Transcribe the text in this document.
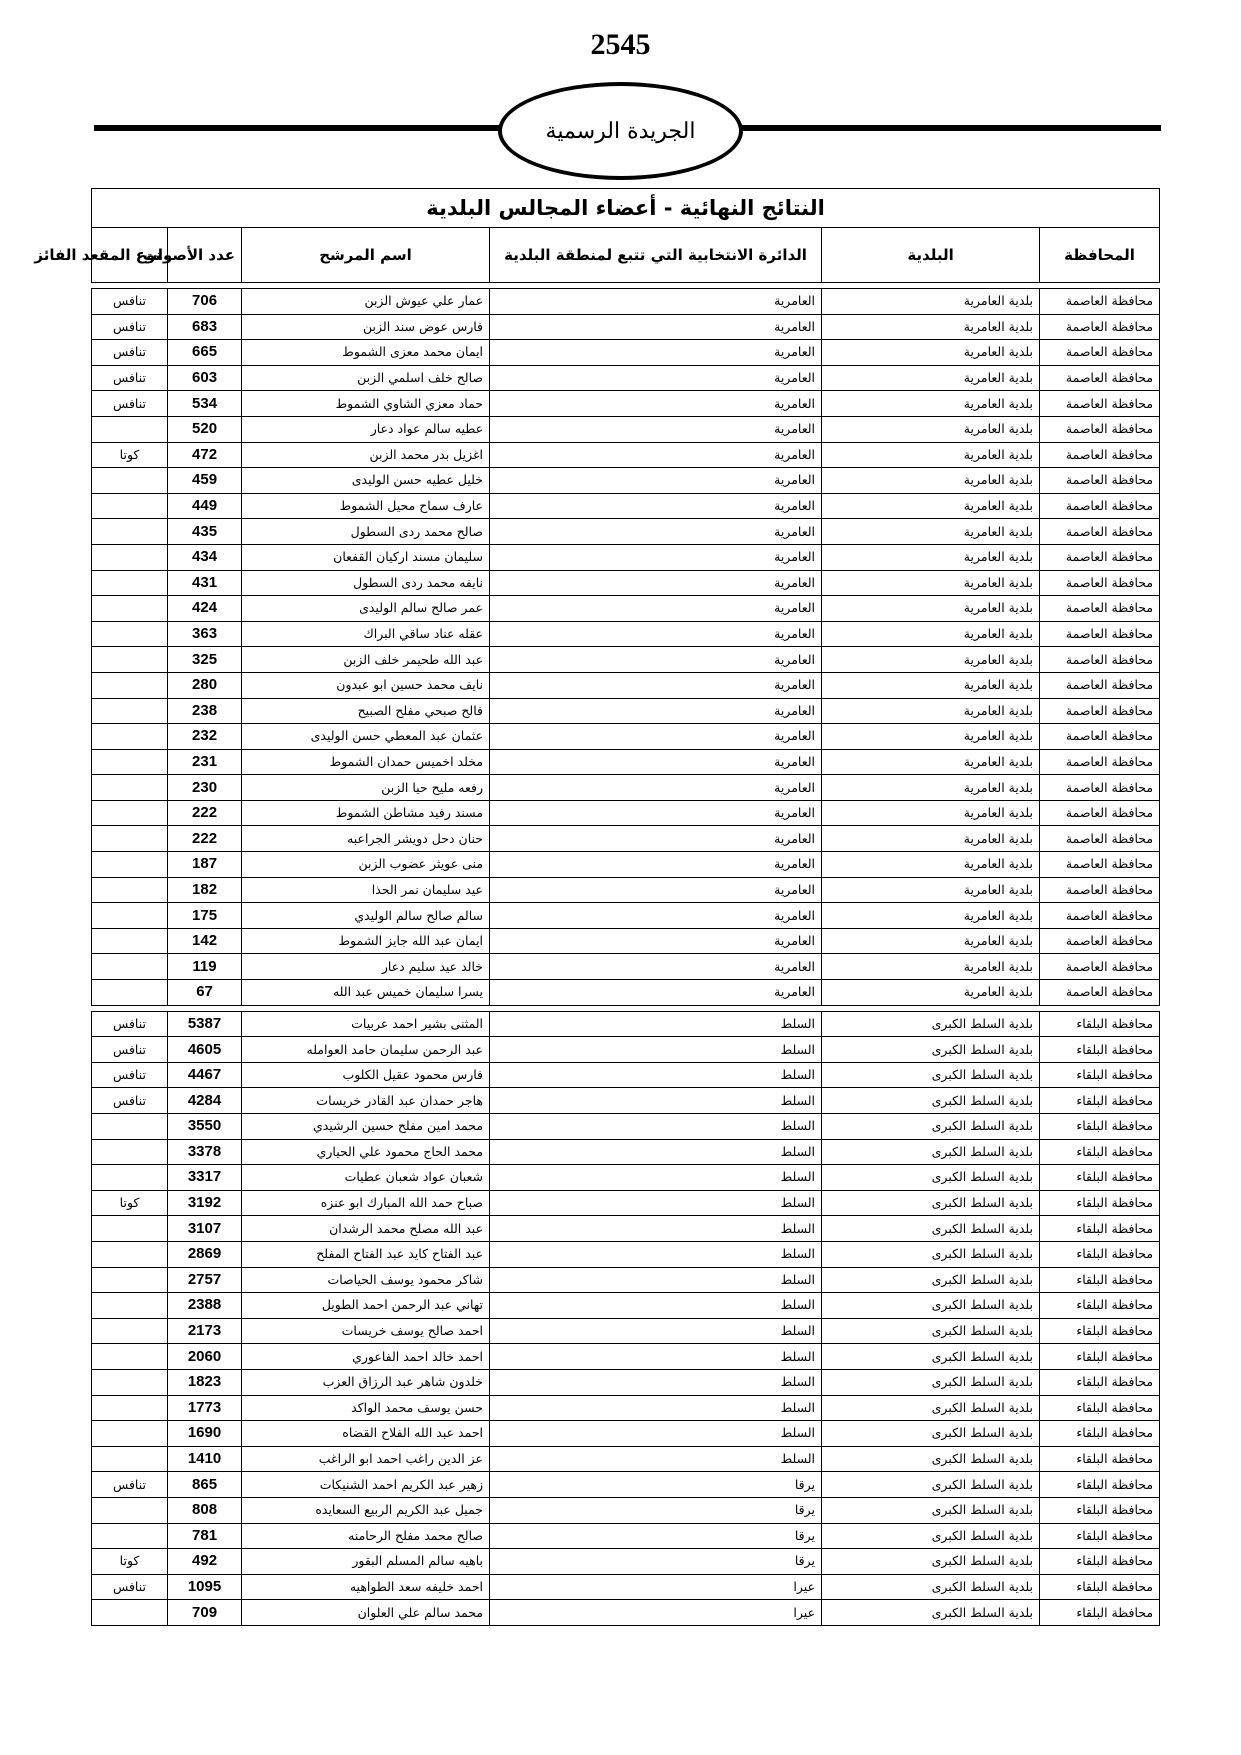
2545
الجريدة الرسمية
النتائج النهائية - أعضاء المجالس البلدية					
المحافظة	البلدية	الدائرة الانتخابية التي تتبع لمنطقة البلدية	اسم المرشح	عدد الأصوات	نوع المقعد الفائز

محافظة العاصمة	بلدية العامرية	العامرية	عمار علي عيوش الزبن	706	تنافس
محافظة العاصمة	بلدية العامرية	العامرية	فارس عوض سند الزبن	683	تنافس
محافظة العاصمة	بلدية العامرية	العامرية	ايمان محمد معزى الشموط	665	تنافس
محافظة العاصمة	بلدية العامرية	العامرية	صالح خلف اسلمي الزبن	603	تنافس
محافظة العاصمة	بلدية العامرية	العامرية	حماد معزي الشاوي الشموط	534	تنافس
محافظة العاصمة	بلدية العامرية	العامرية	عطيه سالم عواد دعار	520	
محافظة العاصمة	بلدية العامرية	العامرية	اغزيل بدر محمد الزبن	472	كوتا
محافظة العاصمة	بلدية العامرية	العامرية	خليل عطيه حسن الوليدى	459	
محافظة العاصمة	بلدية العامرية	العامرية	عارف سماح محيل الشموط	449	
محافظة العاصمة	بلدية العامرية	العامرية	صالح محمد ردى السطول	435	
محافظة العاصمة	بلدية العامرية	العامرية	سليمان مسند اركيان القفعان	434	
محافظة العاصمة	بلدية العامرية	العامرية	نايفه محمد ردى السطول	431	
محافظة العاصمة	بلدية العامرية	العامرية	عمر صالح سالم الوليدى	424	
محافظة العاصمة	بلدية العامرية	العامرية	عقله عناد ساقي البراك	363	
محافظة العاصمة	بلدية العامرية	العامرية	عبد الله طحيمر خلف الزبن	325	
محافظة العاصمة	بلدية العامرية	العامرية	نايف محمد حسين ابو عبدون	280	
محافظة العاصمة	بلدية العامرية	العامرية	فالح صبحي مفلح الصبيح	238	
محافظة العاصمة	بلدية العامرية	العامرية	عثمان عبد المعطي حسن الوليدى	232	
محافظة العاصمة	بلدية العامرية	العامرية	مخلد اخميس حمدان الشموط	231	
محافظة العاصمة	بلدية العامرية	العامرية	رفعه مليح حيا الزبن	230	
محافظة العاصمة	بلدية العامرية	العامرية	مسند رفيد مشاطن الشموط	222	
محافظة العاصمة	بلدية العامرية	العامرية	حنان دحل دويشر الجراعبه	222	
محافظة العاصمة	بلدية العامرية	العامرية	منى عويثر عضوب الزبن	187	
محافظة العاصمة	بلدية العامرية	العامرية	عيد سليمان نمر الحذا	182	
محافظة العاصمة	بلدية العامرية	العامرية	سالم صالح سالم الوليدي	175	
محافظة العاصمة	بلدية العامرية	العامرية	ايمان عبد الله جايز الشموط	142	
محافظة العاصمة	بلدية العامرية	العامرية	خالد عيد سليم دعار	119	
محافظة العاصمة	بلدية العامرية	العامرية	يسرا سليمان خميس عبد الله	67	

محافظة البلقاء	بلدية السلط الكبرى	السلط	المثنى بشير احمد عربيات	5387	تنافس
محافظة البلقاء	بلدية السلط الكبرى	السلط	عبد الرحمن سليمان حامد العوامله	4605	تنافس
محافظة البلقاء	بلدية السلط الكبرى	السلط	فارس محمود عقيل الكلوب	4467	تنافس
محافظة البلقاء	بلدية السلط الكبرى	السلط	هاجر حمدان عبد القادر خريسات	4284	تنافس
محافظة البلقاء	بلدية السلط الكبرى	السلط	محمد امين مفلح حسين الرشيدي	3550	
محافظة البلقاء	بلدية السلط الكبرى	السلط	محمد الحاج محمود علي الحياري	3378	
محافظة البلقاء	بلدية السلط الكبرى	السلط	شعبان عواد شعبان عطيات	3317	
محافظة البلقاء	بلدية السلط الكبرى	السلط	صباح حمد الله المبارك ابو عنزه	3192	كوتا
محافظة البلقاء	بلدية السلط الكبرى	السلط	عبد الله مصلح محمد الرشدان	3107	
محافظة البلقاء	بلدية السلط الكبرى	السلط	عبد الفتاح كايد عبد الفتاح المفلح	2869	
محافظة البلقاء	بلدية السلط الكبرى	السلط	شاكر محمود يوسف الحياصات	2757	
محافظة البلقاء	بلدية السلط الكبرى	السلط	تهاني عبد الرحمن احمد الطويل	2388	
محافظة البلقاء	بلدية السلط الكبرى	السلط	احمد صالح يوسف خريسات	2173	
محافظة البلقاء	بلدية السلط الكبرى	السلط	احمد خالد احمد الفاعوري	2060	
محافظة البلقاء	بلدية السلط الكبرى	السلط	خلدون شاهر عبد الرزاق العزب	1823	
محافظة البلقاء	بلدية السلط الكبرى	السلط	حسن يوسف محمد الواكد	1773	
محافظة البلقاء	بلدية السلط الكبرى	السلط	احمد عبد الله الفلاح القضاه	1690	
محافظة البلقاء	بلدية السلط الكبرى	السلط	عز الدين راغب احمد ابو الراغب	1410	
محافظة البلقاء	بلدية السلط الكبرى	يرقا	زهير عبد الكريم احمد الشنيكات	865	تنافس
محافظة البلقاء	بلدية السلط الكبرى	يرقا	جميل عبد الكريم الربيع السعايده	808	
محافظة البلقاء	بلدية السلط الكبرى	يرقا	صالح محمد مفلح الرحامنه	781	
محافظة البلقاء	بلدية السلط الكبرى	يرقا	باهيه سالم المسلم البقور	492	كوتا
محافظة البلقاء	بلدية السلط الكبرى	عيرا	احمد خليفه سعد الطواهيه	1095	تنافس
محافظة البلقاء	بلدية السلط الكبرى	عيرا	محمد سالم علي العلوان	709	
